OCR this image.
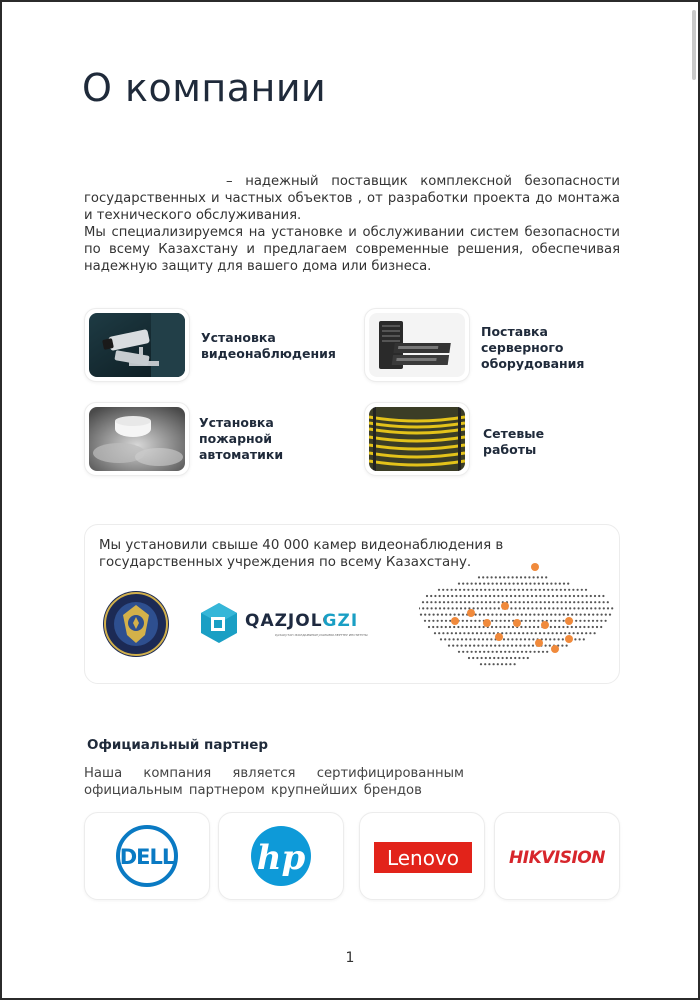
О компании

– надежный поставщик комплексной безопасности государственных и частных объектов , от разработки проекта до монтажа и технического обслуживания.

Мы специализируемся на установке и обслуживании систем безопасности по всему Казахстану и предлагаем современные решения, обеспечивая надежную защиту для вашего дома или бизнеса.

Установка
видеонаблюдения
Поставка
серверного
оборудования
Установка
пожарной
автоматики
Сетевые
работы
Мы установили свыше 40 000 камер видеонаблюдения в государственных учреждения по всему Казахстану.
QAZJOLGZI
ҚАЗАҚСТАН ЖОЛДАРЫНЫҢ ҒЫЛЫМИ-ЗЕРТТЕУ ИНСТИТУТЫ
Официальный партнер
Наша компания является сертифицированным официальным партнером крупнейших брендов
DELL hp	Lenovo	HIKVISION
1
